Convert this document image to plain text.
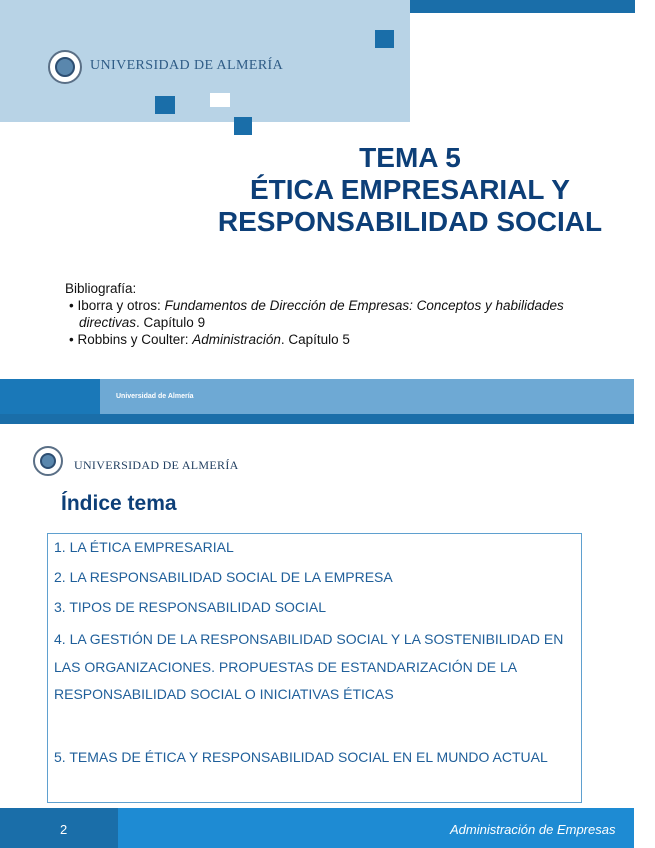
UNIVERSIDAD DE ALMERÍA
TEMA 5
ÉTICA EMPRESARIAL Y
RESPONSABILIDAD SOCIAL
Bibliografía:
• Iborra y otros: Fundamentos de Dirección de Empresas: Conceptos y habilidades directivas. Capítulo 9
• Robbins y Coulter: Administración. Capítulo 5
Universidad de Almería
UNIVERSIDAD DE ALMERÍA
Índice tema
1. LA ÉTICA EMPRESARIAL
2. LA RESPONSABILIDAD SOCIAL DE LA EMPRESA
3. TIPOS DE RESPONSABILIDAD SOCIAL
4. LA GESTIÓN DE LA RESPONSABILIDAD SOCIAL Y LA SOSTENIBILIDAD EN LAS ORGANIZACIONES. PROPUESTAS DE ESTANDARIZACIÓN DE LA RESPONSABILIDAD SOCIAL O INICIATIVAS ÉTICAS
5. TEMAS DE ÉTICA Y RESPONSABILIDAD SOCIAL EN EL MUNDO ACTUAL
2	Administración de Empresas
